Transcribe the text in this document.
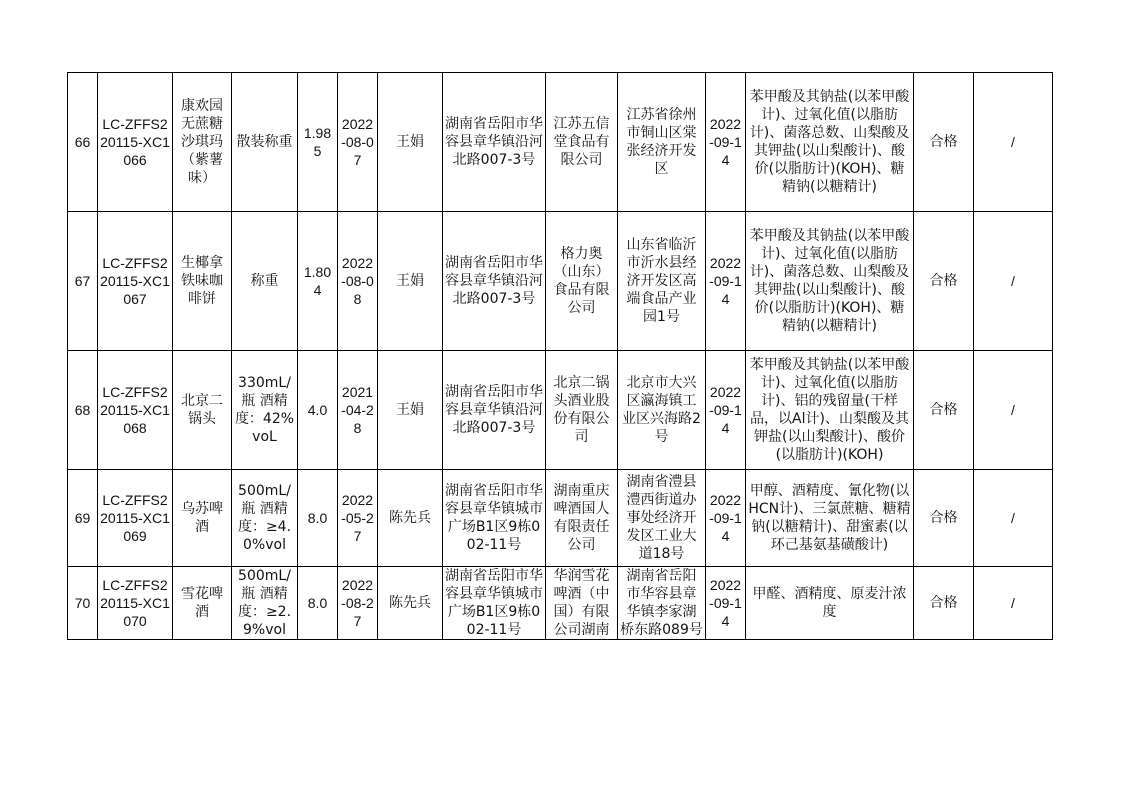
66	LC-ZFFS220115-XC1066	康欢园无蔗糖沙琪玛（紫薯味）	散装称重	1.985	2022-08-07	王娟	湖南省岳阳市华容县章华镇沿河北路007-3号	江苏五信堂食品有限公司	江苏省徐州市铜山区棠张经济开发区	2022-09-14	苯甲酸及其钠盐(以苯甲酸计)、过氧化值(以脂肪计)、菌落总数、山梨酸及其钾盐(以山梨酸计)、酸价(以脂肪计)(KOH)、糖精钠(以糖精计)	合格	/
67	LC-ZFFS220115-XC1067	生椰拿铁味咖啡饼	称重	1.804	2022-08-08	王娟	湖南省岳阳市华容县章华镇沿河北路007-3号	格力奥（山东）食品有限公司	山东省临沂市沂水县经济开发区高端食品产业园1号	2022-09-14	苯甲酸及其钠盐(以苯甲酸计)、过氧化值(以脂肪计)、菌落总数、山梨酸及其钾盐(以山梨酸计)、酸价(以脂肪计)(KOH)、糖精钠(以糖精计)	合格	/
68	LC-ZFFS220115-XC1068	北京二锅头	330mL/瓶 酒精度：42%voL	4.0	2021-04-28	王娟	湖南省岳阳市华容县章华镇沿河北路007-3号	北京二锅头酒业股份有限公司	北京市大兴区瀛海镇工业区兴海路2号	2022-09-14	苯甲酸及其钠盐(以苯甲酸计)、过氧化值(以脂肪计)、铝的残留量(干样品，以Al计)、山梨酸及其钾盐(以山梨酸计)、酸价(以脂肪计)(KOH)	合格	/
69	LC-ZFFS220115-XC1069	乌苏啤酒	500mL/瓶 酒精度：≥4.0%vol	8.0	2022-05-27	陈先兵	湖南省岳阳市华容县章华镇城市广场B1区9栋002-11号	湖南重庆啤酒国人有限责任公司	湖南省澧县澧西街道办事处经济开发区工业大道18号	2022-09-14	甲醇、酒精度、氰化物(以HCN计)、三氯蔗糖、糖精钠(以糖精计)、甜蜜素(以环己基氨基磺酸计)	合格	/
70	LC-ZFFS220115-XC1070	雪花啤酒	500mL/瓶 酒精度：≥2.9%vol	8.0	2022-08-27	陈先兵	湖南省岳阳市华容县章华镇城市广场B1区9栋002-11号	华润雪花啤酒（中国）有限公司湖南	湖南省岳阳市华容县章华镇李家湖桥东路089号	2022-09-14	甲醛、酒精度、原麦汁浓度	合格	/
